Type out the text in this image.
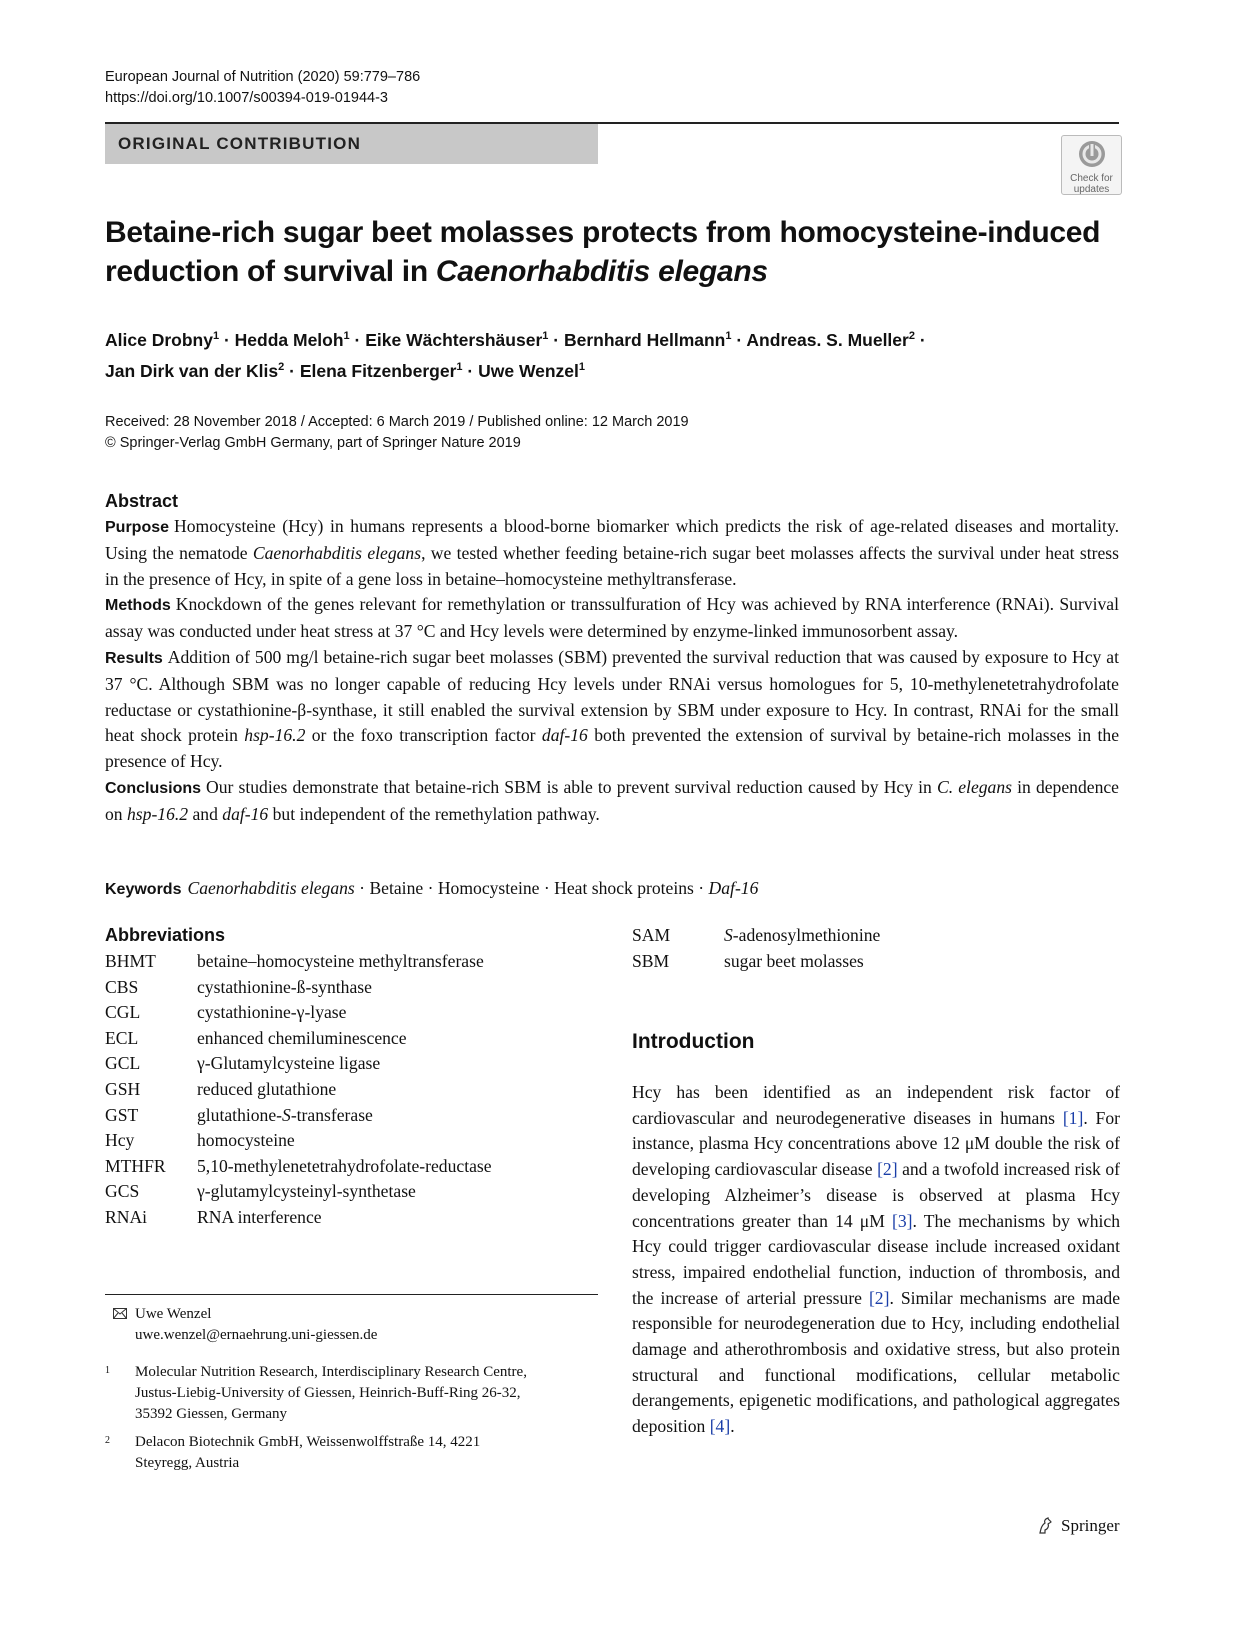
European Journal of Nutrition (2020) 59:779–786
https://doi.org/10.1007/s00394-019-01944-3
ORIGINAL CONTRIBUTION
Check for
updates
Betaine-rich sugar beet molasses protects from homocysteine-induced reduction of survival in Caenorhabditis elegans
Alice Drobny$^1$ · Hedda Meloh$^1$ · Eike Wächtershäuser$^1$ · Bernhard Hellmann$^1$ · Andreas. S. Mueller$^2$ ·
Jan Dirk van der Klis$^2$ · Elena Fitzenberger$^1$ · Uwe Wenzel$^1$
Received: 28 November 2018 / Accepted: 6 March 2019 / Published online: 12 March 2019
© Springer-Verlag GmbH Germany, part of Springer Nature 2019
Abstract

Purpose Homocysteine (Hcy) in humans represents a blood-borne biomarker which predicts the risk of age-related diseases and mortality. Using the nematode Caenorhabditis elegans, we tested whether feeding betaine-rich sugar beet molasses affects the survival under heat stress in the presence of Hcy, in spite of a gene loss in betaine–homocysteine methyltransferase.

Methods Knockdown of the genes relevant for remethylation or transsulfuration of Hcy was achieved by RNA interference (RNAi). Survival assay was conducted under heat stress at 37 °C and Hcy levels were determined by enzyme-linked immunosorbent assay.

Results Addition of 500 mg/l betaine-rich sugar beet molasses (SBM) prevented the survival reduction that was caused by exposure to Hcy at 37 °C. Although SBM was no longer capable of reducing Hcy levels under RNAi versus homologues for 5, 10-methylenetetrahydrofolate reductase or cystathionine-β-synthase, it still enabled the survival extension by SBM under exposure to Hcy. In contrast, RNAi for the small heat shock protein hsp-16.2 or the foxo transcription factor daf-16 both prevented the extension of survival by betaine-rich molasses in the presence of Hcy.

Conclusions Our studies demonstrate that betaine-rich SBM is able to prevent survival reduction caused by Hcy in C. elegans in dependence on hsp-16.2 and daf-16 but independent of the remethylation pathway.

Keywords Caenorhabditis elegans · Betaine · Homocysteine · Heat shock proteins · Daf-16
Abbreviations
BHMT betaine–homocysteine methyltransferase
CBS	cystathionine-ß-synthase
CGL	cystathionine-γ-lyase
ECL	enhanced chemiluminescence
GCL	γ-Glutamylcysteine ligase
GSH	reduced glutathione
GST	glutathione-S-transferase
Hcy	homocysteine
MTHFR 5,10-methylenetetrahydrofolate-reductase
GCS	γ-glutamylcysteinyl-synthetase
RNAi	RNA interference
SAM	S-adenosylmethionine
SBM	sugar beet molasses
Introduction
Hcy has been identified as an independent risk factor of cardiovascular and neurodegenerative diseases in humans [1]. For instance, plasma Hcy concentrations above 12 μM double the risk of developing cardiovascular disease [2] and a twofold increased risk of developing Alzheimer’s disease is observed at plasma Hcy concentrations greater than 14 μM [3]. The mechanisms by which Hcy could trigger cardiovascular disease include increased oxidant stress, impaired endothelial function, induction of thrombosis, and the increase of arterial pressure [2]. Similar mechanisms are made responsible for neurodegeneration due to Hcy, including endothelial damage and atherothrombosis and oxidative stress, but also protein structural and functional modifications, cellular metabolic derangements, epigenetic modifications, and pathological aggregates deposition [4].
Uwe Wenzel
uwe.wenzel@ernaehrung.uni-giessen.de
1 Molecular Nutrition Research, Interdisciplinary Research Centre, Justus-Liebig-University of Giessen, Heinrich-Buff-Ring 26-32, 35392 Giessen, Germany
2 Delacon Biotechnik GmbH, Weissenwolffstraße 14, 4221 Steyregg, Austria
Springer
